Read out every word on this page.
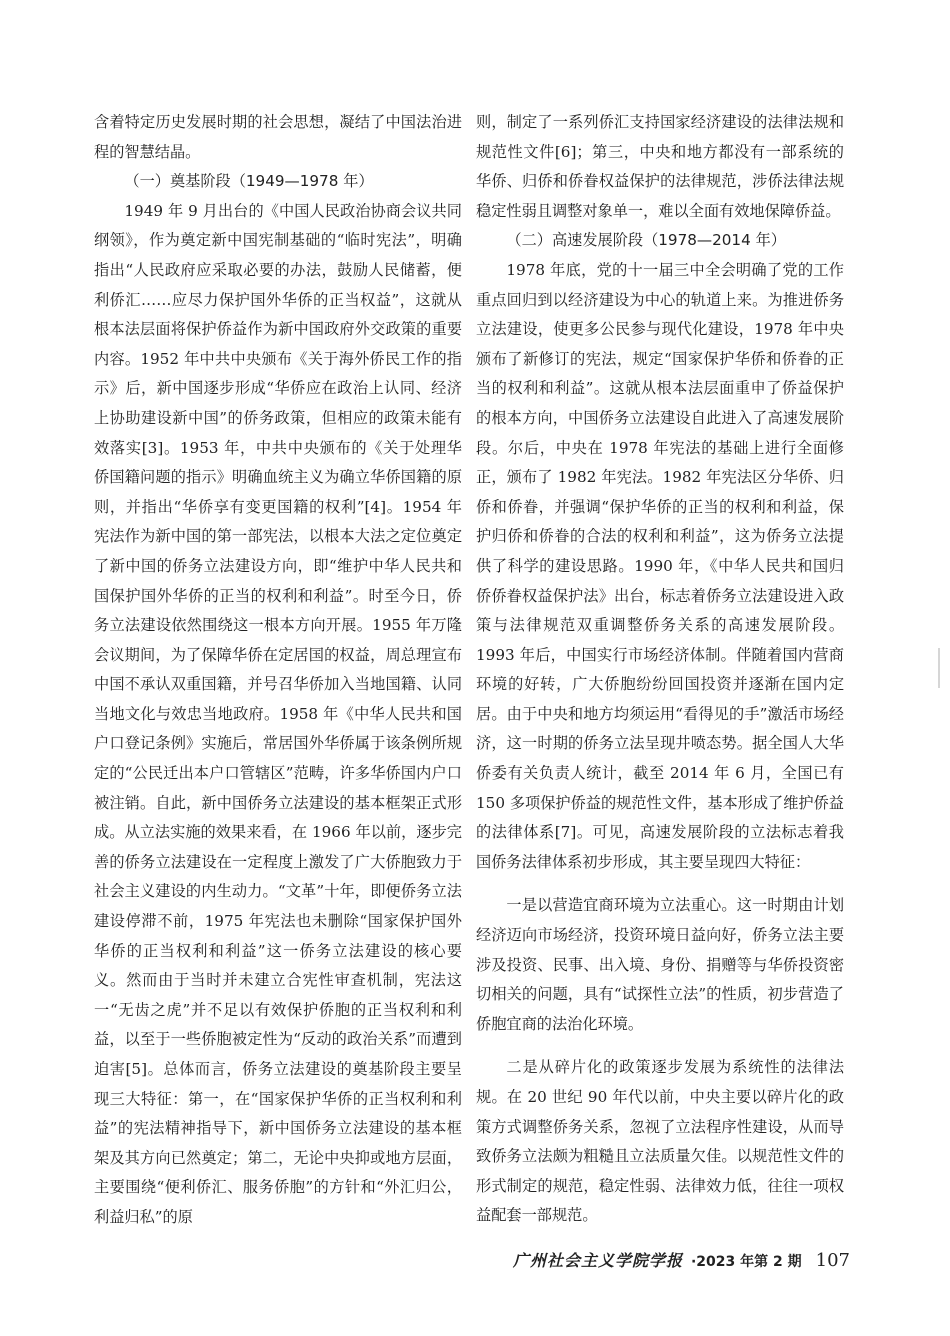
含着特定历史发展时期的社会思想，凝结了中国法治进程的智慧结晶。

（一）奠基阶段（1949—1978 年）

1949 年 9 月出台的《中国人民政治协商会议共同纲领》，作为奠定新中国宪制基础的“临时宪法”，明确指出“人民政府应采取必要的办法，鼓励人民储蓄，便利侨汇……应尽力保护国外华侨的正当权益”，这就从根本法层面将保护侨益作为新中国政府外交政策的重要内容。1952 年中共中央颁布《关于海外侨民工作的指示》后，新中国逐步形成“华侨应在政治上认同、经济上协助建设新中国”的侨务政策，但相应的政策未能有效落实[3]。1953 年，中共中央颁布的《关于处理华侨国籍问题的指示》明确血统主义为确立华侨国籍的原则，并指出“华侨享有变更国籍的权利”[4]。1954 年宪法作为新中国的第一部宪法，以根本大法之定位奠定了新中国的侨务立法建设方向，即“维护中华人民共和国保护国外华侨的正当的权利和利益”。时至今日，侨务立法建设依然围绕这一根本方向开展。1955 年万隆会议期间，为了保障华侨在定居国的权益，周总理宣布中国不承认双重国籍，并号召华侨加入当地国籍、认同当地文化与效忠当地政府。1958 年《中华人民共和国户口登记条例》实施后，常居国外华侨属于该条例所规定的“公民迁出本户口管辖区”范畴，许多华侨国内户口被注销。自此，新中国侨务立法建设的基本框架正式形成。从立法实施的效果来看，在 1966 年以前，逐步完善的侨务立法建设在一定程度上激发了广大侨胞致力于社会主义建设的内生动力。“文革”十年，即便侨务立法建设停滞不前，1975 年宪法也未删除“国家保护国外华侨的正当权利和利益”这一侨务立法建设的核心要义。然而由于当时并未建立合宪性审查机制，宪法这一“无齿之虎”并不足以有效保护侨胞的正当权利和利益，以至于一些侨胞被定性为“反动的政治关系”而遭到迫害[5]。总体而言，侨务立法建设的奠基阶段主要呈现三大特征：第一，在“国家保护华侨的正当权利和利益”的宪法精神指导下，新中国侨务立法建设的基本框架及其方向已然奠定；第二，无论中央抑或地方层面，主要围绕“便利侨汇、服务侨胞”的方针和“外汇归公，利益归私”的原

则，制定了一系列侨汇支持国家经济建设的法律法规和规范性文件[6]；第三，中央和地方都没有一部系统的华侨、归侨和侨眷权益保护的法律规范，涉侨法律法规稳定性弱且调整对象单一，难以全面有效地保障侨益。

（二）高速发展阶段（1978—2014 年）

1978 年底，党的十一届三中全会明确了党的工作重点回归到以经济建设为中心的轨道上来。为推进侨务立法建设，使更多公民参与现代化建设，1978 年中央颁布了新修订的宪法，规定“国家保护华侨和侨眷的正当的权利和利益”。这就从根本法层面重申了侨益保护的根本方向，中国侨务立法建设自此进入了高速发展阶段。尔后，中央在 1978 年宪法的基础上进行全面修正，颁布了 1982 年宪法。1982 年宪法区分华侨、归侨和侨眷，并强调“保护华侨的正当的权利和利益，保护归侨和侨眷的合法的权利和利益”，这为侨务立法提供了科学的建设思路。1990 年，《中华人民共和国归侨侨眷权益保护法》出台，标志着侨务立法建设进入政策与法律规范双重调整侨务关系的高速发展阶段。1993 年后，中国实行市场经济体制。伴随着国内营商环境的好转，广大侨胞纷纷回国投资并逐渐在国内定居。由于中央和地方均须运用“看得见的手”激活市场经济，这一时期的侨务立法呈现井喷态势。据全国人大华侨委有关负责人统计，截至 2014 年 6 月，全国已有 150 多项保护侨益的规范性文件，基本形成了维护侨益的法律体系[7]。可见，高速发展阶段的立法标志着我国侨务法律体系初步形成，其主要呈现四大特征：

一是以营造宜商环境为立法重心。这一时期由计划经济迈向市场经济，投资环境日益向好，侨务立法主要涉及投资、民事、出入境、身份、捐赠等与华侨投资密切相关的问题，具有“试探性立法”的性质，初步营造了侨胞宜商的法治化环境。

二是从碎片化的政策逐步发展为系统性的法律法规。在 20 世纪 90 年代以前，中央主要以碎片化的政策方式调整侨务关系，忽视了立法程序性建设，从而导致侨务立法颇为粗糙且立法质量欠佳。以规范性文件的形式制定的规范，稳定性弱、法律效力低，往往一项权益配套一部规范。

广州社会主义学院学报 ·2023 年第 2 期 107
